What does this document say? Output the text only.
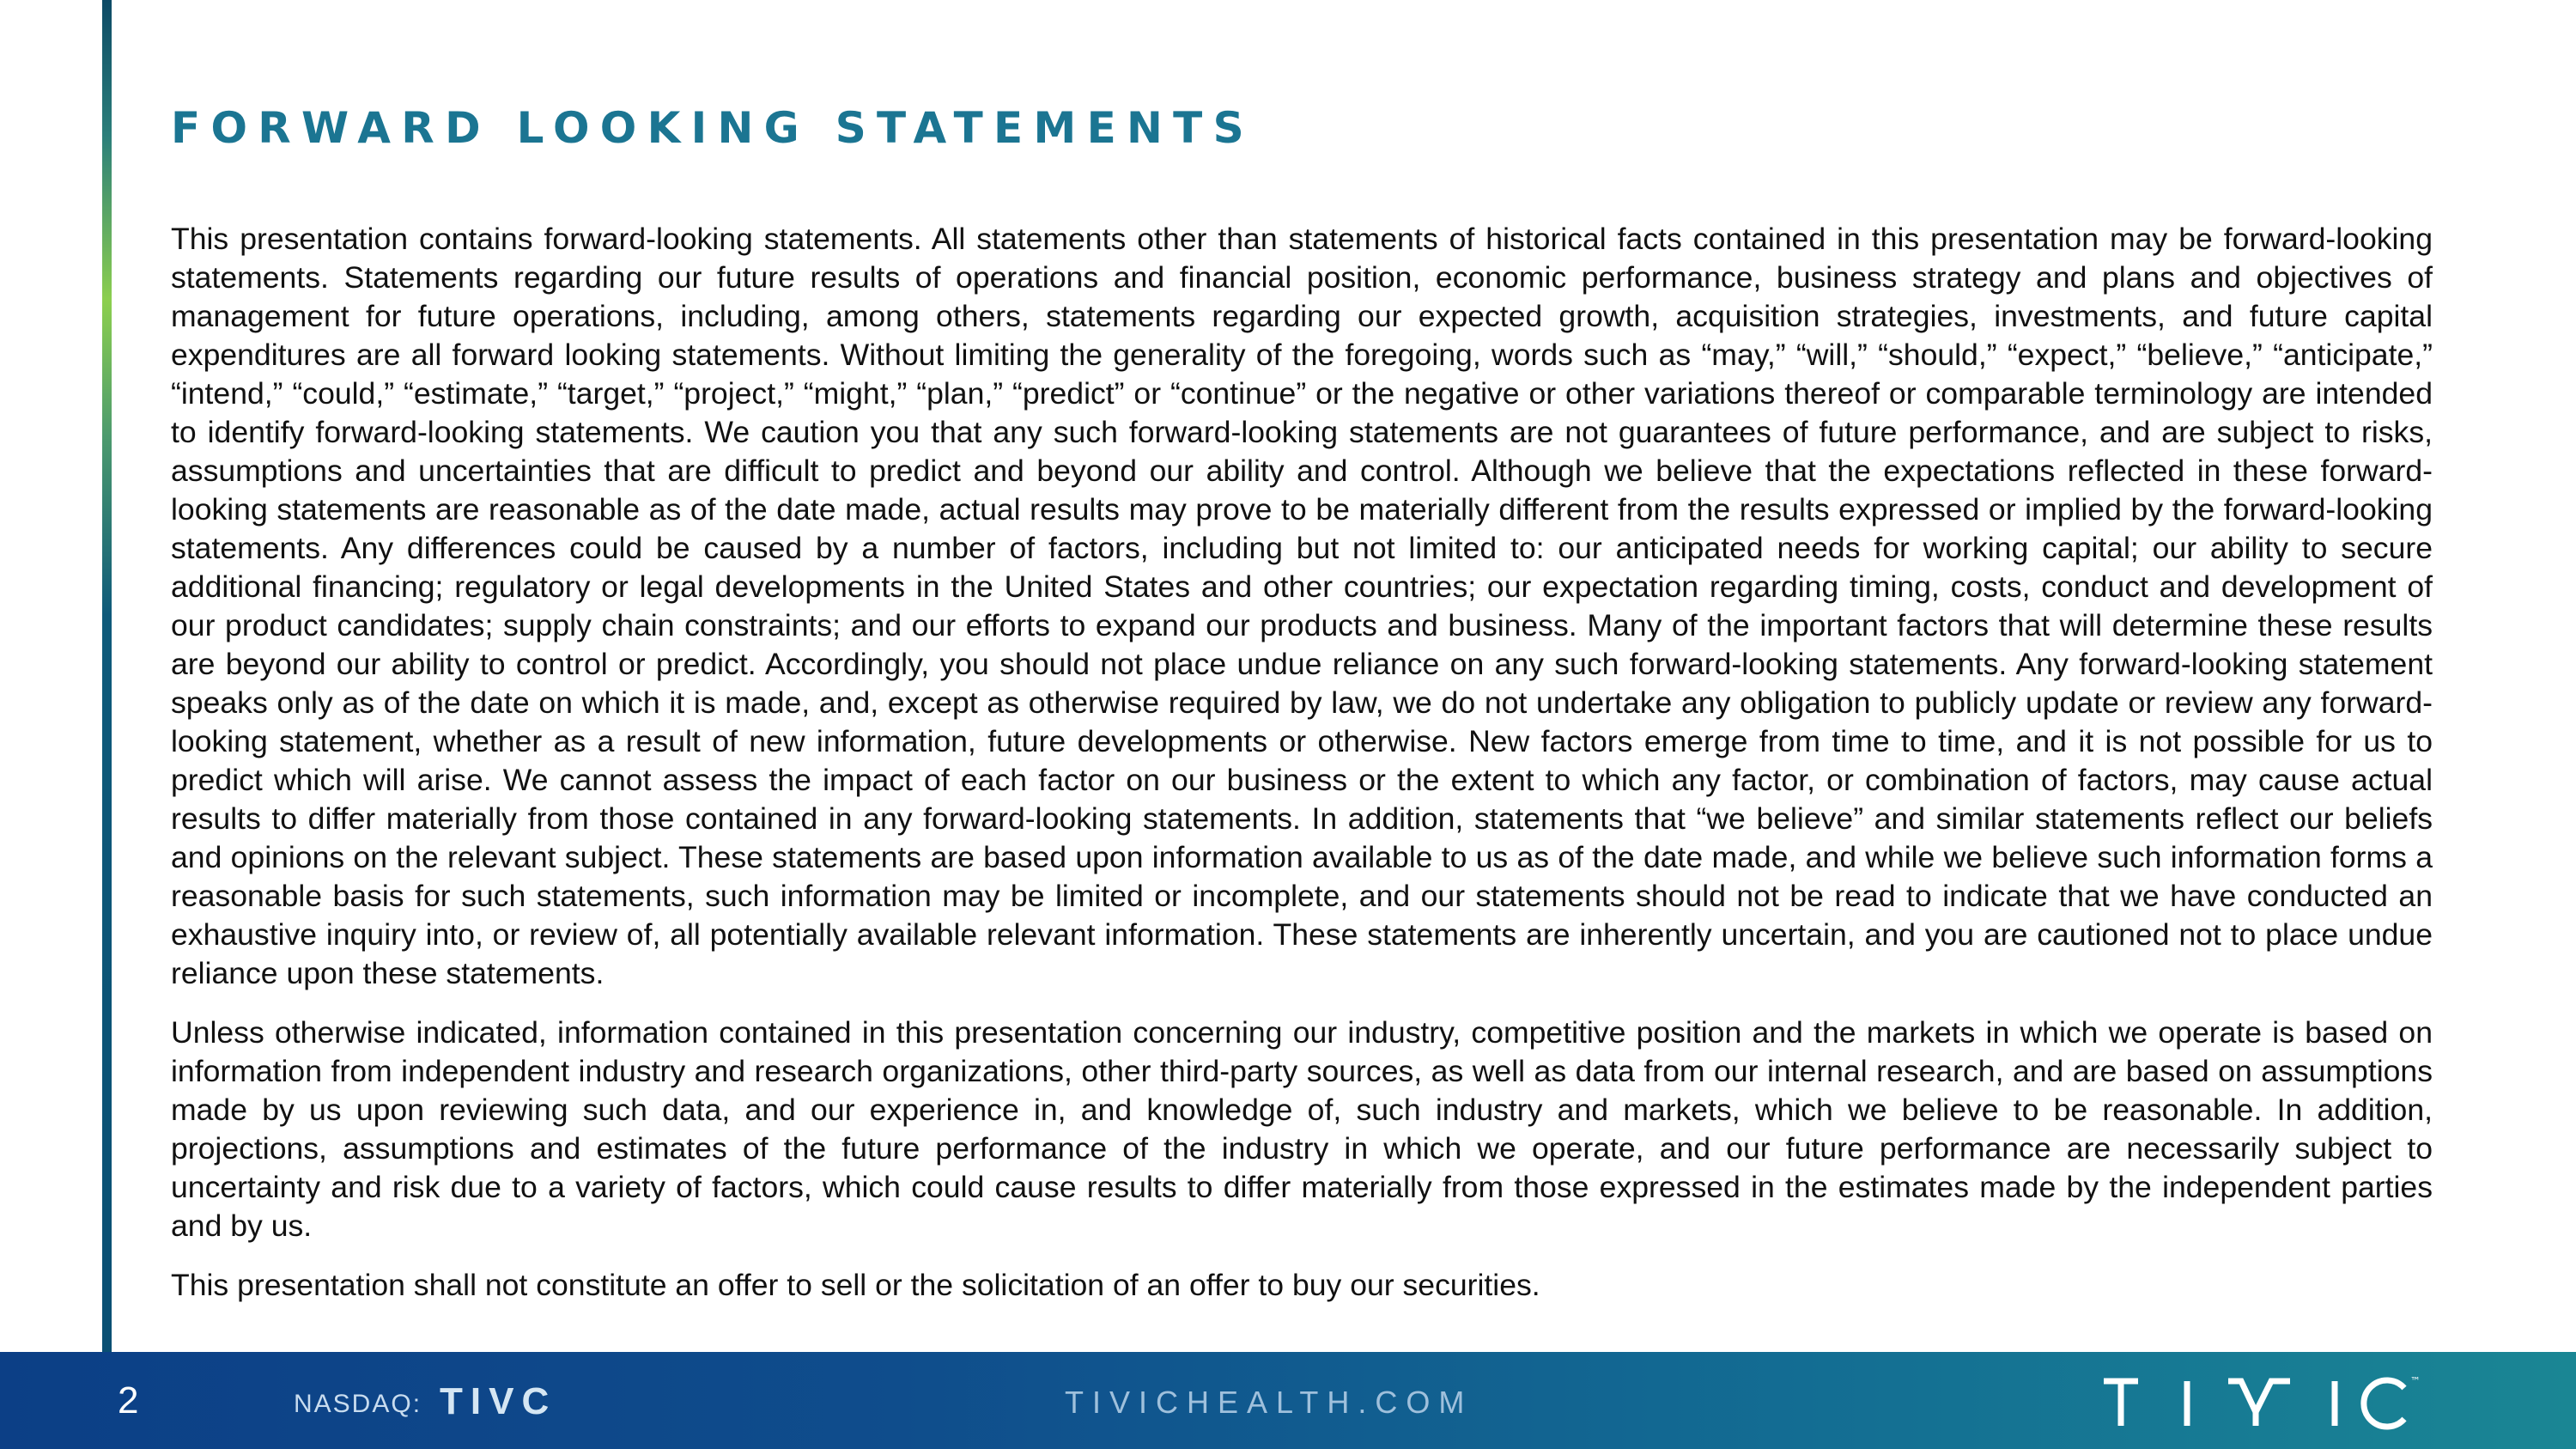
FORWARD LOOKING STATEMENTS

This presentation contains forward-looking statements. All statements other than statements of historical facts contained in this presentation may be forward-looking statements. Statements regarding our future results of operations and financial position, economic performance, business strategy and plans and objectives of management for future operations, including, among others, statements regarding our expected growth, acquisition strategies, investments, and future capital expenditures are all forward looking statements. Without limiting the generality of the foregoing, words such as “may,” “will,” “should,” “expect,” “believe,” “anticipate,” “intend,” “could,” “estimate,” “target,” “project,” “might,” “plan,” “predict” or “continue” or the negative or other variations thereof or comparable terminology are intended to identify forward-looking statements. We caution you that any such forward-looking statements are not guarantees of future performance, and are subject to risks, assumptions and uncertainties that are difficult to predict and beyond our ability and control. Although we believe that the expectations reflected in these forward-looking statements are reasonable as of the date made, actual results may prove to be materially different from the results expressed or implied by the forward-looking statements. Any differences could be caused by a number of factors, including but not limited to: our anticipated needs for working capital; our ability to secure additional financing; regulatory or legal developments in the United States and other countries; our expectation regarding timing, costs, conduct and development of our product candidates; supply chain constraints; and our efforts to expand our products and business. Many of the important factors that will determine these results are beyond our ability to control or predict. Accordingly, you should not place undue reliance on any such forward-looking statements. Any forward-looking statement speaks only as of the date on which it is made, and, except as otherwise required by law, we do not undertake any obligation to publicly update or review any forward-looking statement, whether as a result of new information, future developments or otherwise. New factors emerge from time to time, and it is not possible for us to predict which will arise. We cannot assess the impact of each factor on our business or the extent to which any factor, or combination of factors, may cause actual results to differ materially from those contained in any forward-looking statements. In addition, statements that “we believe” and similar statements reflect our beliefs and opinions on the relevant subject. These statements are based upon information available to us as of the date made, and while we believe such information forms a reasonable basis for such statements, such information may be limited or incomplete, and our statements should not be read to indicate that we have conducted an exhaustive inquiry into, or review of, all potentially available relevant information. These statements are inherently uncertain, and you are cautioned not to place undue reliance upon these statements.

Unless otherwise indicated, information contained in this presentation concerning our industry, competitive position and the markets in which we operate is based on information from independent industry and research organizations, other third-party sources, as well as data from our internal research, and are based on assumptions made by us upon reviewing such data, and our experience in, and knowledge of, such industry and markets, which we believe to be reasonable. In addition, projections, assumptions and estimates of the future performance of the industry in which we operate, and our future performance are necessarily subject to uncertainty and risk due to a variety of factors, which could cause results to differ materially from those expressed in the estimates made by the independent parties and by us.

This presentation shall not constitute an offer to sell or the solicitation of an offer to buy our securities.

2	NASDAQ: TIVC	TIVICHEALTH.COM
™
